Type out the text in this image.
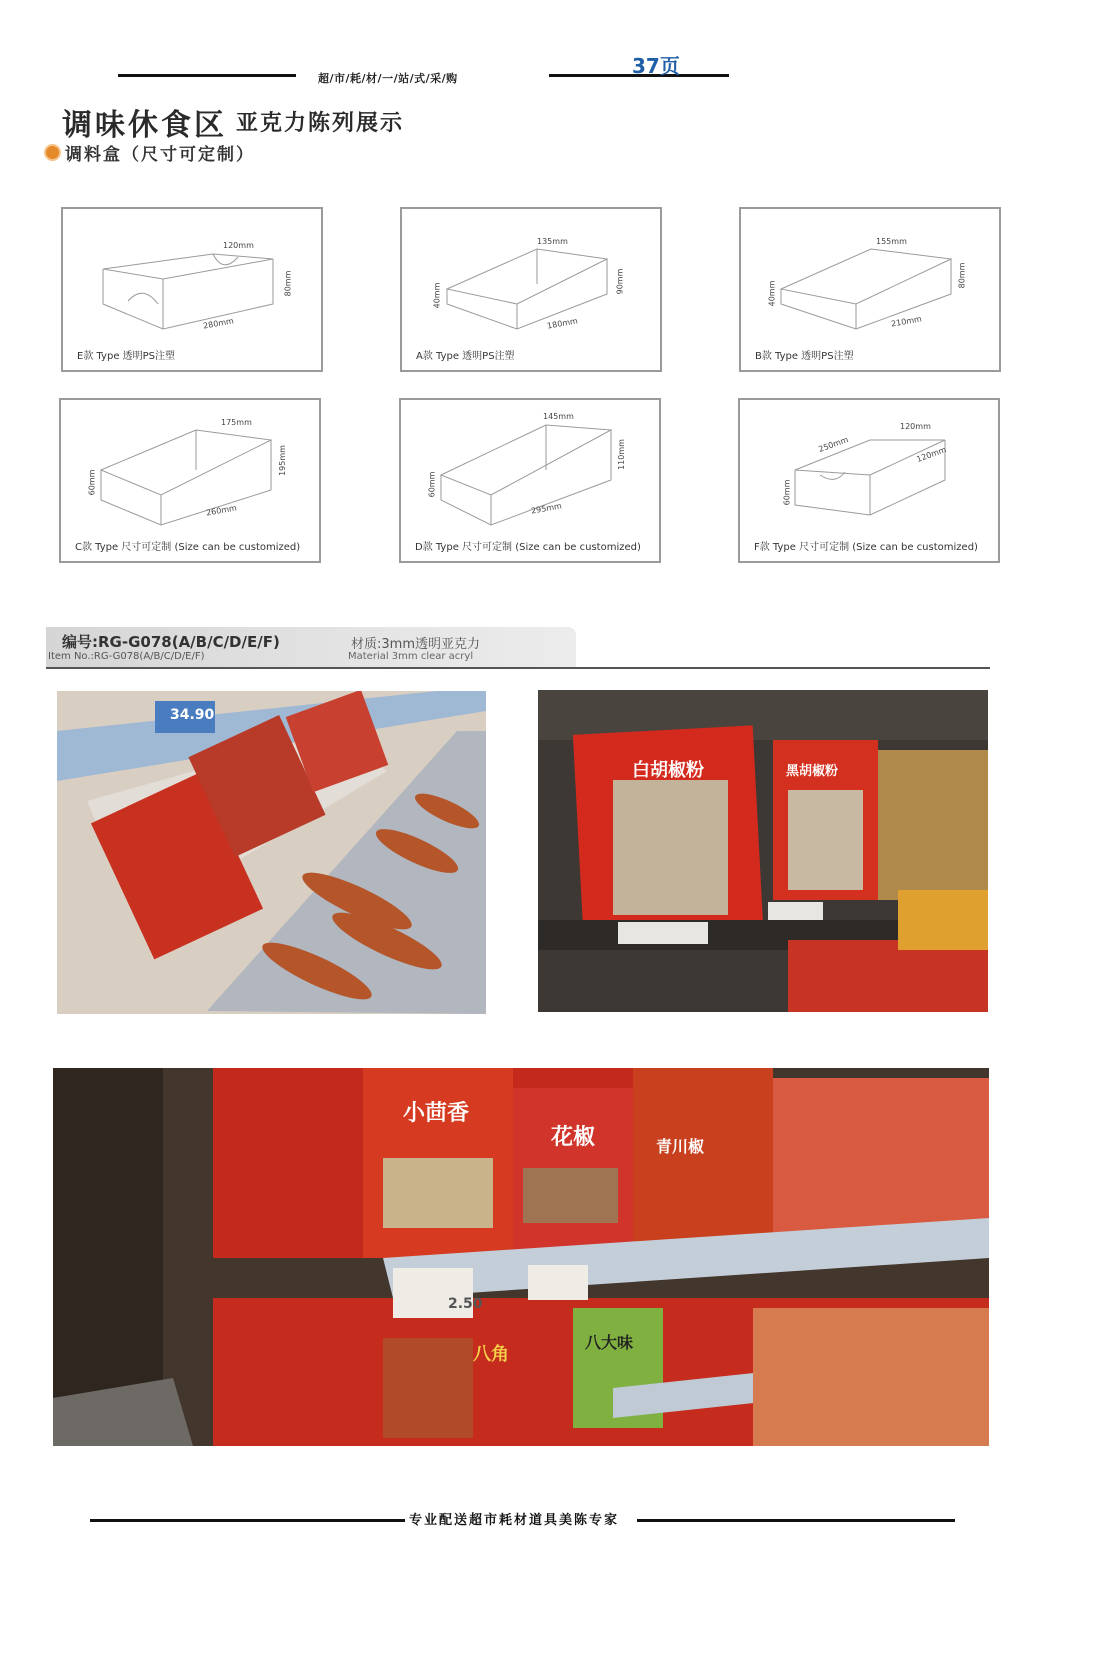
超/市/耗/材/一/站/式/采/购
37页
调味休食区 亚克力陈列展示
调料盒（尺寸可定制）
120mm
80mm
280mm
E款 Type 透明PS注塑
135mm
40mm
90mm
180mm
A款 Type 透明PS注塑
155mm
40mm
80mm
210mm
B款 Type 透明PS注塑
175mm
60mm
195mm
260mm
C款 Type 尺寸可定制 (Size can be customized)
145mm
60mm
110mm
295mm
D款 Type 尺寸可定制 (Size can be customized)
120mm
250mm
120mm
60mm
F款 Type 尺寸可定制 (Size can be customized)
编号:RG-G078(A/B/C/D/E/F)
Item No.:RG-G078(A/B/C/D/E/F)
材质:3mm透明亚克力
Material 3mm clear acryl
34.90
白胡椒粉	黑胡椒粉
小茴香
花椒	青川椒
八角
八大味
2.50
专业配送超市耗材道具美陈专家
